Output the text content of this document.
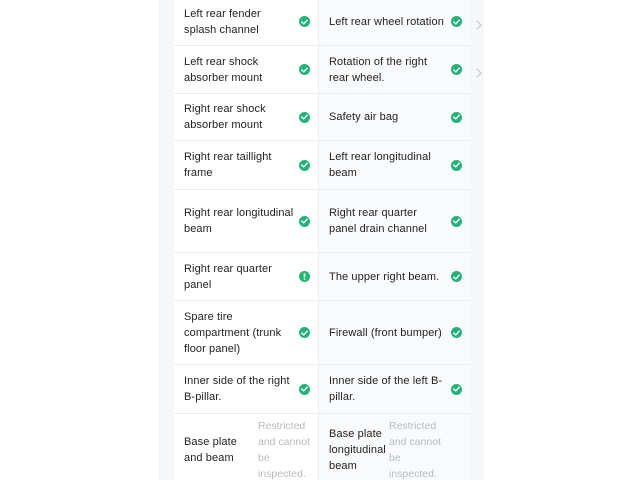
Left rear fender splash channel
Left rear wheel rotation
Left rear shock absorber mount
Rotation of the right rear wheel.
Right rear shock absorber mount
Safety air bag
Right rear taillight frame
Left rear longitudinal beam
Right rear longitudinal beam
Right rear quarter panel drain channel
Right rear quarter panel
The upper right beam.
Spare tire compartment (trunk floor panel)
Firewall (front bumper)
Inner side of the right B-pillar.
Inner side of the left B-pillar.
Base plate and beam
Restricted and cannot be inspected.
Base plate longitudinal beam
Restricted and cannot be inspected.
